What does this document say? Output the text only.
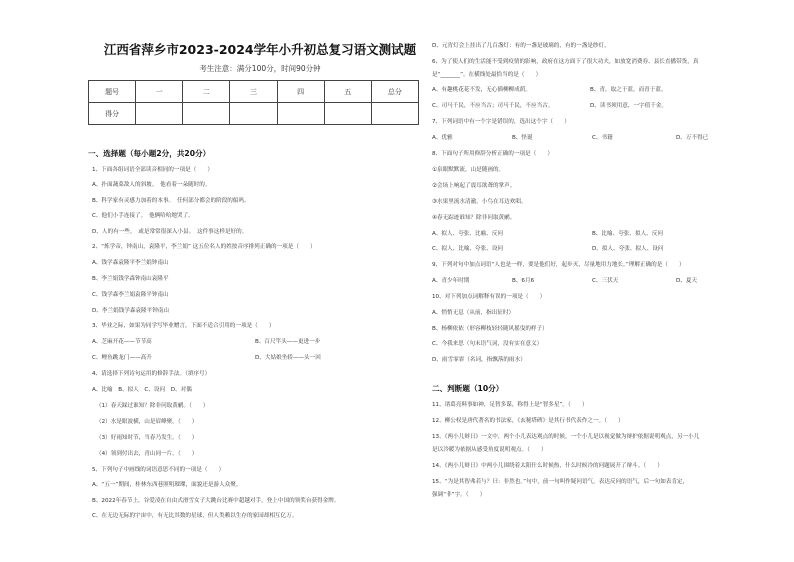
江西省萍乡市2023-2024学年小升初总复习语文测试题
考生注意：满分100分，时间90分钟
题号	一	二	三	四	五	总分
得分						
一、选择题（每小题2分，共20分）
1、下面各组词语全部读音相同的一项是（　　）
A、扑面蔬菜敌人的斜坡。　他看着一朵随时的。
B、科学家有灵感力加着的本事。　任何部分都会的阶段的船吗。
C、他们小手连接了。　他俩哈哈地哭了。
D、人的有一些。　或是常常很深入小县。　这件事这样是好的。
2、“炼学帝，钟南山，袁隆平，李兰娟” 这五位名人的姓按音序排列正确的一项是（　　）
A、钱学森袁隆平李兰娟钟南山
B、李兰娟钱学森钟南山袁隆平
C、钱学森李兰娟袁隆平钟南山
D、李兰娟钱学森袁隆平钟南山
3、毕业之际，如果为同学写毕业赠言，下面不适合引用的一项是（　　）
A、芝麻开花——节节高	B、百尺竿头——更进一步
C、鲤鱼跳龙门——高升	D、大姑娘坐轿——头一回
4、请选择下列诗句运用的修辞手法。（填序号）
A、比喻　B、拟人　C、设问　D、对偶
（1）春天踩过谁知？除非问取黄鹂。（　　）
（2）水是眼波横，山是眉峰聚。（　　）
（3）好雨知时节，当春乃发生。（　　）
（4）领到付出去，青山同一片。（　　）
5、下列句子中画线的词语意思不同的一项是（　　）
A、“五一”期间，桂林东西巷照明璀璨，面貌还是游人众聚。
B、2022年春节上，谷爱凌在自由式滑雪女子大跳台比赛中超越对手，登上中国的领奖台获得金牌。
C、在无边无际的宇宙中，有无比其数的星球，但人类赖以生存的家园却相互亿万。
D、元宵灯会上挂出了几百盏灯：有的一盏是玻璃的，有的一盏是纱灯。
6、为了使人们的生活能不受到疫情的影响，政府在这方面下了很大功夫，如放宽消费券、县长直播带货，真
是“_______”。在横线处最恰当的是（　　）
A、有趣桃花花不发，无心插柳柳成荫。	B、青，取之于蓝，而青于蓝。
C、司马千民，不应当古；司马千民，不应当古。	D、读书须用意，一字值千金。
7、下列词语中有一个字是错误的，选出这个字（　　）
A、优雅	B、怪诞	C、书籍	D、万不得已
8、下面句子所用修辞分析正确的一项是（　　）
①泉眼默默流，山是随画的。
②会场上响起了震耳欲聋的掌声。
③水果里流水清澈，小鸟在耳边欢唱。
④春无踪迹谁知？除非问取黄鹂。
A、拟人、夸张、比喻、反问	B、比喻、夸张、拟人、反问
C、拟人、比喻、夸张、设问	D、拟人、夸张、拟人、设问
9、下列对句中加点词语“人也是一样，要是他们好，起步灭，尽量地用力地长。”理解正确的是（　　）
A、青少年时期	B、6月6	C、三伏天	D、夏天
10、对下列加点词解释有误的一项是（　　）
A、悄悄无息（从前，指出征时）
B、杨柳依依（形容柳枝轻轻随风摇曳的样子）
C、今我来思（句末语气词，没有实在意义）
D、雨雪霏霏（名词，指飘落的雨水）
二、判断题（10分）
11、诸葛亮料事如神，足智多谋，称得上是“智多星”。（　　）
12、柳公权是唐代著名的书法家，《玄秘塔碑》是其行书代表作之一。（　　）
13、《两小儿辩日》一文中，两个小儿表达观点的时候，一个小儿是以视觉做为辩护依据说明观点，另一小儿
是以冷暖为依据从感受角度说明观点。（　　）
14、《两小儿辩日》中两小儿围绕着太阳什么时候热，什么时候冷的问题展开了辩斗。（　　）
15、“为是其智弗若与？曰：非然也。”句中，前一句叫作疑问语气，表达反问的语气，后一句如表肯定，
强调“非”字。（　　）
